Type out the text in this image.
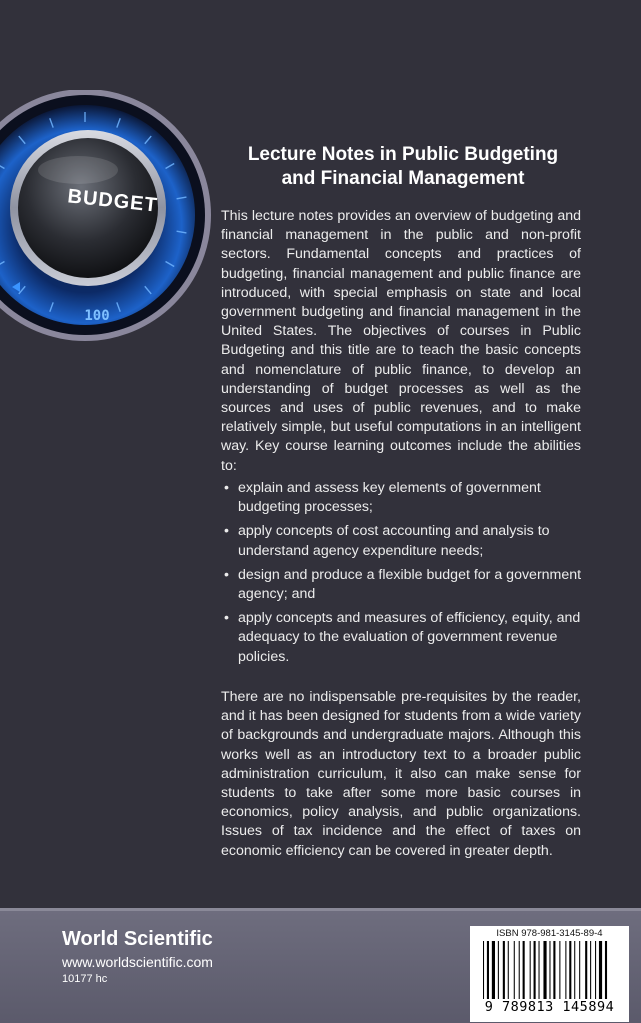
BUDGET
100
Lecture Notes in Public Budgeting
and Financial Management

This lecture notes provides an overview of budgeting and financial management in the public and non-profit sectors. Fundamental concepts and practices of budgeting, financial management and public finance are introduced, with special emphasis on state and local government budgeting and financial management in the United States. The objectives of courses in Public Budgeting and this title are to teach the basic concepts and nomenclature of public finance, to develop an understanding of budget processes as well as the sources and uses of public revenues, and to make relatively simple, but useful computations in an intelligent way. Key course learning outcomes include the abilities to:

• explain and assess key elements of government budgeting processes;
• apply concepts of cost accounting and analysis to understand agency expenditure needs;
• design and produce a flexible budget for a government agency; and
• apply concepts and measures of efficiency, equity, and adequacy to the evaluation of government revenue policies.

There are no indispensable pre-requisites by the reader, and it has been designed for students from a wide variety of backgrounds and undergraduate majors. Although this works well as an introductory text to a broader public administration curriculum, it also can make sense for students to take after some more basic courses in economics, policy analysis, and public organizations. Issues of tax incidence and the effect of taxes on economic efficiency can be covered in greater depth.

World Scientific
www.worldscientific.com
10177 hc
ISBN 978-981-3145-89-4
9 789813 145894
